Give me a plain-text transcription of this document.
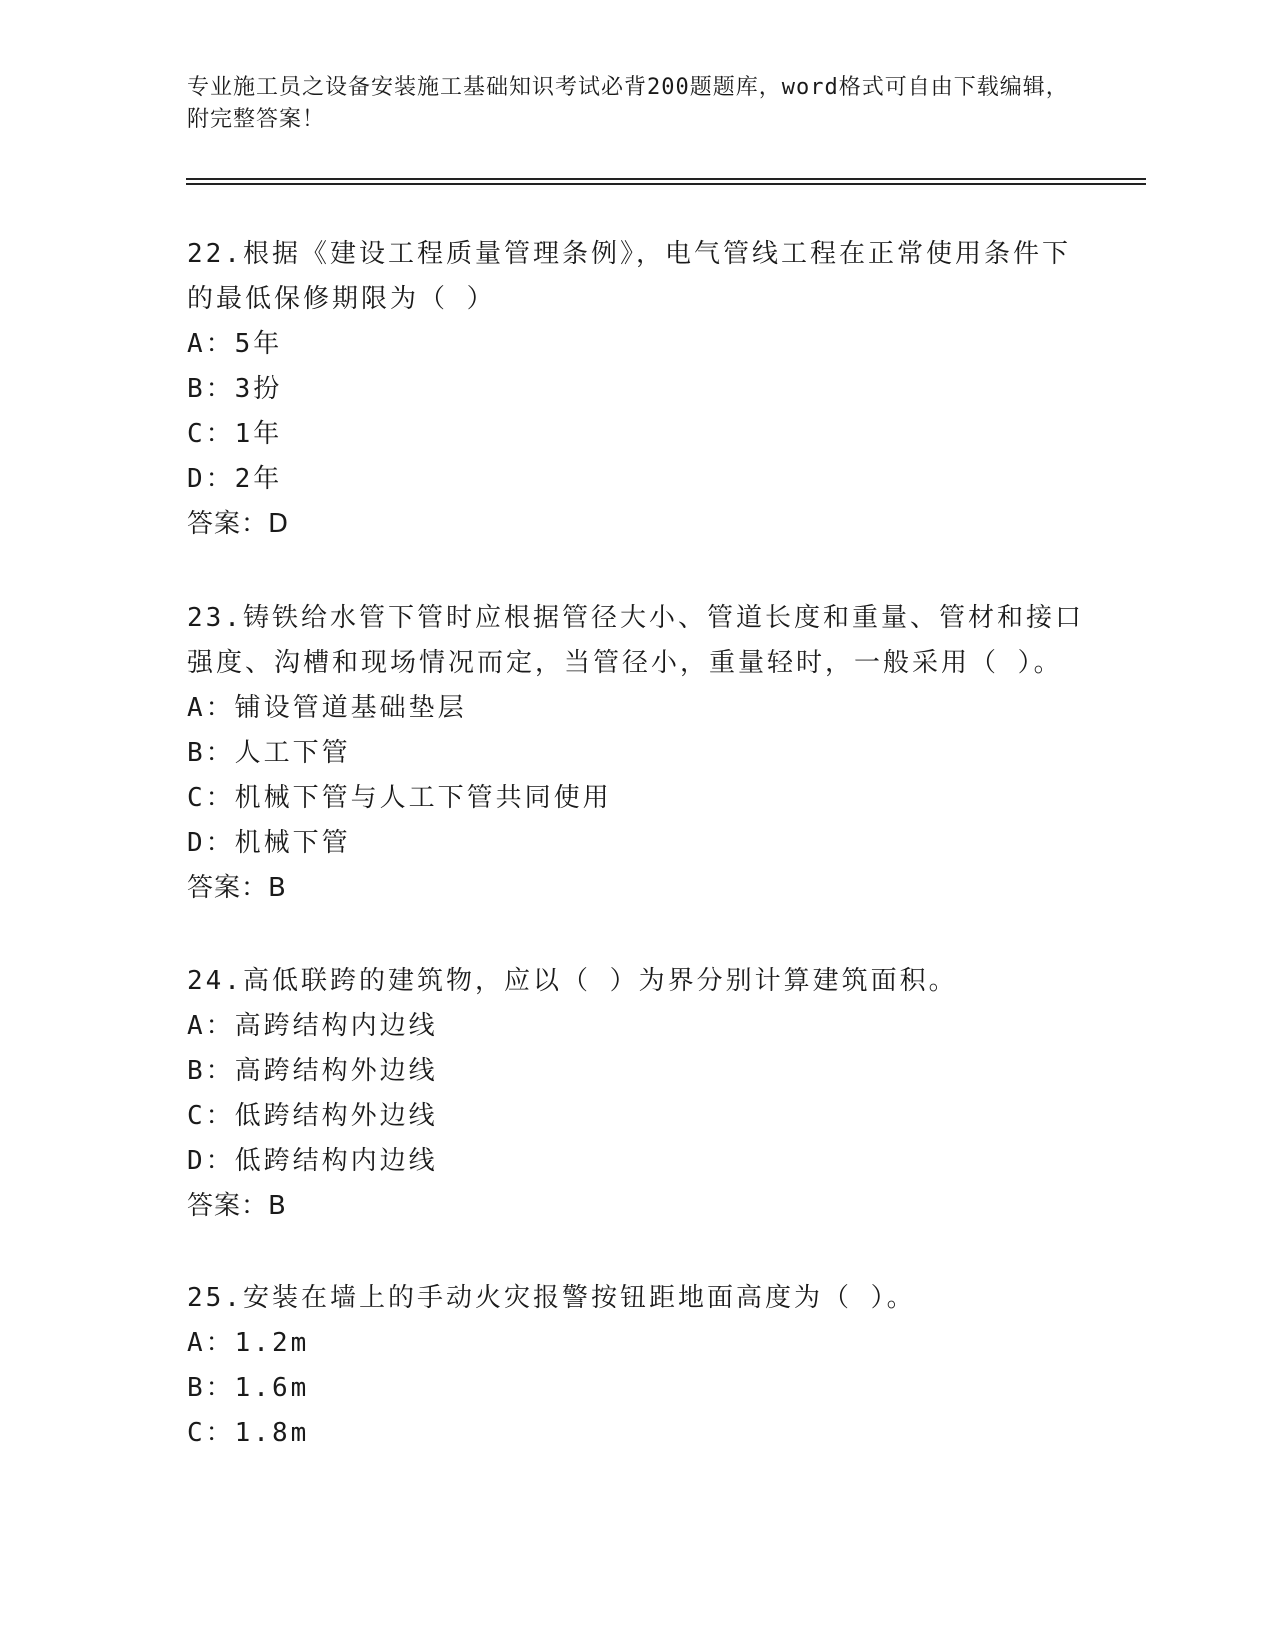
专业施工员之设备安装施工基础知识考试必背200题题库，word格式可自由下载编辑，附完整答案！

22.根据《建设工程质量管理条例》，电气管线工程在正常使用条件下的最低保修期限为（ ）

A：5年
B：3扮
C：1年
D：2年
答案：D

23.铸铁给水管下管时应根据管径大小、管道长度和重量、管材和接口强度、沟槽和现场情况而定，当管径小，重量轻时，一般采用（ ）。

A：铺设管道基础垫层
B：人工下管
C：机械下管与人工下管共同使用
D：机械下管
答案：B

24.高低联跨的建筑物，应以（ ）为界分别计算建筑面积。

A：高跨结构内边线
B：高跨结构外边线
C：低跨结构外边线
D：低跨结构内边线
答案：B

25.安装在墙上的手动火灾报警按钮距地面高度为（ ）。

A：1.2m
B：1.6m
C：1.8m
